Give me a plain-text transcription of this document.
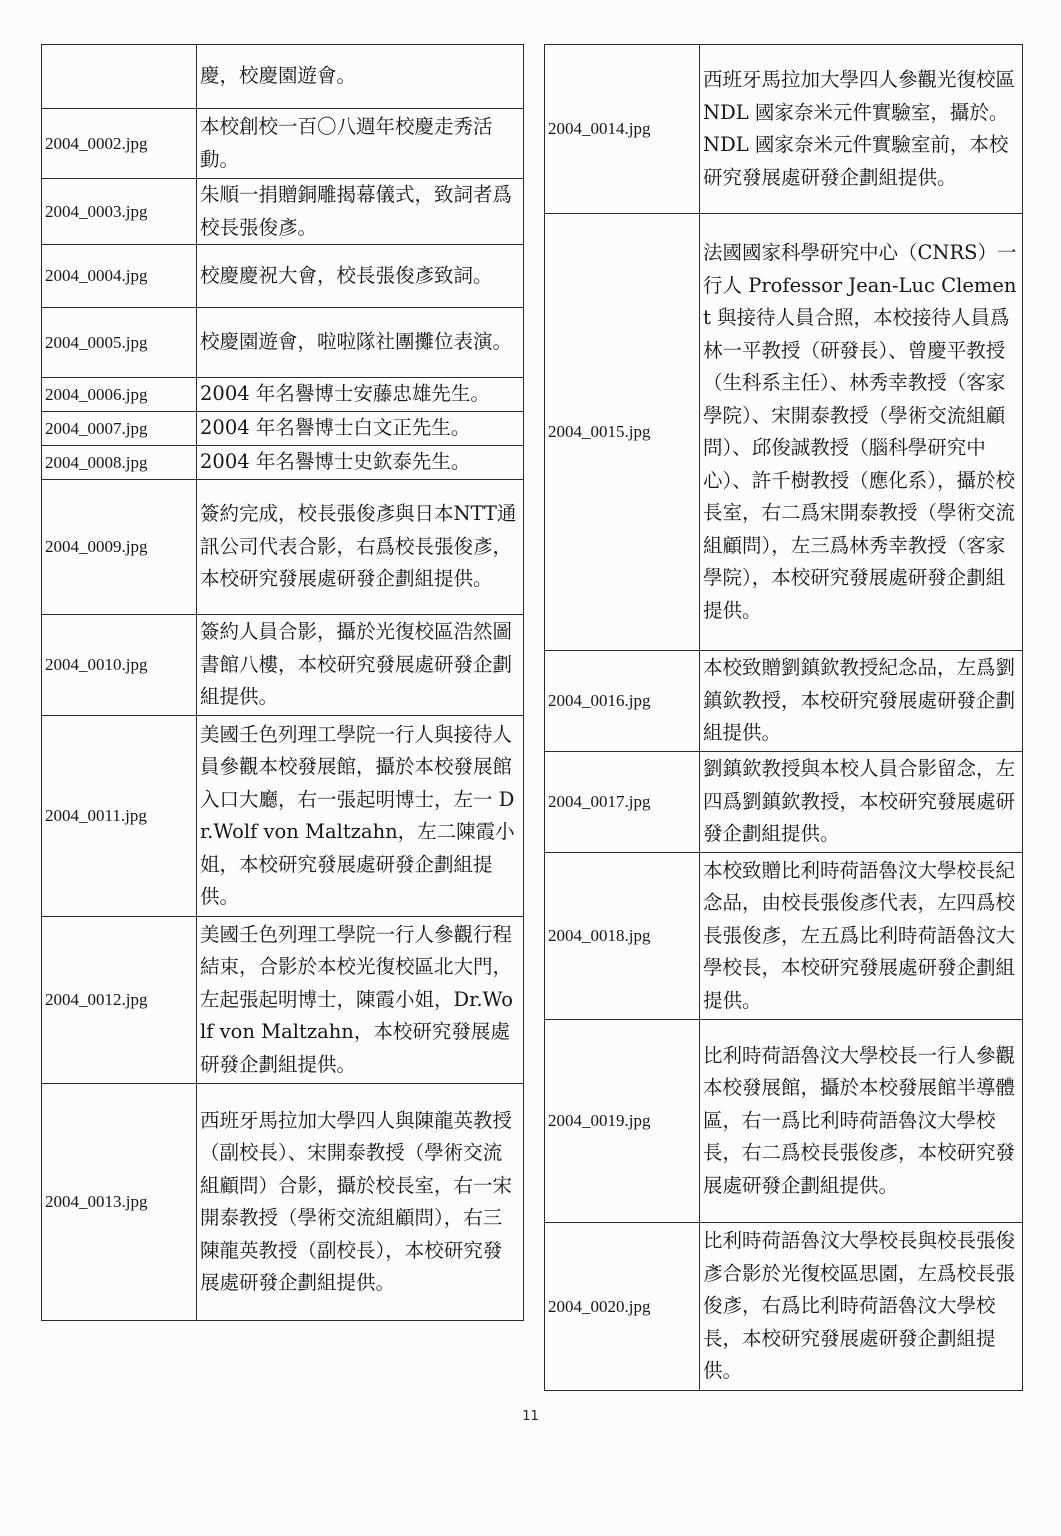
	慶，校慶園遊會。
2004_0002.jpg	本校創校一百〇八週年校慶走秀活動。
2004_0003.jpg	朱順一捐贈銅雕揭幕儀式，致詞者爲校長張俊彥。
2004_0004.jpg	校慶慶祝大會，校長張俊彥致詞。
2004_0005.jpg	校慶園遊會，啦啦隊社團攤位表演。
2004_0006.jpg	2004 年名譽博士安藤忠雄先生。
2004_0007.jpg	2004 年名譽博士白文正先生。
2004_0008.jpg	2004 年名譽博士史欽泰先生。
2004_0009.jpg	簽約完成，校長張俊彥與日本NTT通訊公司代表合影，右爲校長張俊彥，本校研究發展處研發企劃組提供。
2004_0010.jpg	簽約人員合影，攝於光復校區浩然圖書館八樓，本校研究發展處研發企劃組提供。
2004_0011.jpg	美國壬色列理工學院一行人與接待人員參觀本校發展館，攝於本校發展館入口大廳，右一張起明博士，左一 Dr.Wolf von Maltzahn，左二陳霞小姐，本校研究發展處研發企劃組提供。
2004_0012.jpg	美國壬色列理工學院一行人參觀行程結束，合影於本校光復校區北大門，左起張起明博士，陳霞小姐，Dr.Wolf von Maltzahn，本校研究發展處研發企劃組提供。
2004_0013.jpg	西班牙馬拉加大學四人與陳龍英教授（副校長）、宋開泰教授（學術交流組顧問）合影，攝於校長室，右一宋開泰教授（學術交流組顧問），右三陳龍英教授（副校長），本校研究發展處研發企劃組提供。
2004_0014.jpg	西班牙馬拉加大學四人參觀光復校區 NDL 國家奈米元件實驗室，攝於。NDL 國家奈米元件實驗室前，本校研究發展處研發企劃組提供。
2004_0015.jpg	法國國家科學研究中心（CNRS）一行人 Professor Jean-Luc Clement 與接待人員合照，本校接待人員爲林一平教授（研發長）、曾慶平教授（生科系主任）、林秀幸教授（客家學院）、宋開泰教授（學術交流組顧問）、邱俊誠教授（腦科學研究中心）、許千樹教授（應化系），攝於校長室，右二爲宋開泰教授（學術交流組顧問），左三爲林秀幸教授（客家學院），本校研究發展處研發企劃組提供。
2004_0016.jpg	本校致贈劉鎮欽教授紀念品，左爲劉鎮欽教授，本校研究發展處研發企劃組提供。
2004_0017.jpg	劉鎮欽教授與本校人員合影留念，左四爲劉鎮欽教授，本校研究發展處研發企劃組提供。
2004_0018.jpg	本校致贈比利時荷語魯汶大學校長紀念品，由校長張俊彥代表，左四爲校長張俊彥，左五爲比利時荷語魯汶大學校長，本校研究發展處研發企劃組提供。
2004_0019.jpg	比利時荷語魯汶大學校長一行人參觀本校發展館，攝於本校發展館半導體區，右一爲比利時荷語魯汶大學校長，右二爲校長張俊彥，本校研究發展處研發企劃組提供。
2004_0020.jpg	比利時荷語魯汶大學校長與校長張俊彥合影於光復校區思園，左爲校長張俊彥，右爲比利時荷語魯汶大學校長，本校研究發展處研發企劃組提供。
11
